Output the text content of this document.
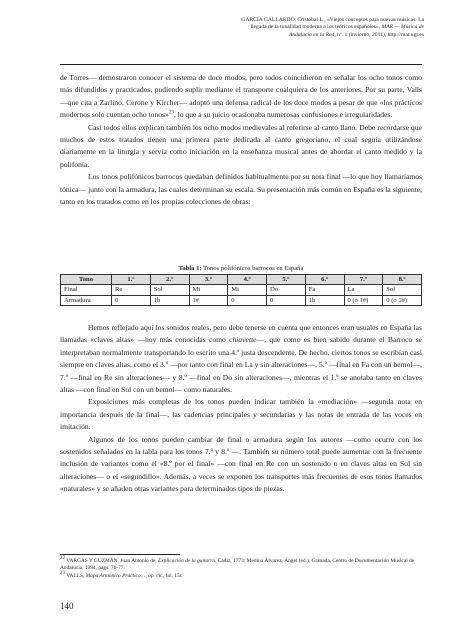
GARCÍA GALLARDO, Cristóbal L., «Viejos conceptos para nuevas músicas: La llegada de la tonalidad moderna a los teóricos españoles», MAR — Música de Andalucía en la Red, nº. 1 (invierno, 2011), http://mar.ugr.es

de Torres— demostraron conocer el sistema de doce modos, pero todos coincidieron en señalar los ocho tonos como más difundidos y practicados, pudiendo suplir mediante el transporte cualquiera de los anteriores. Por su parte, Valls —que cita a Zarlino, Cerone y Kircher— adoptó una defensa radical de los doce modos a pesar de que «los prácticos modernos solo cuentan ocho tonos»$^{23}$, lo que a su juicio ocasionaba numerosas confusiones e irregularidades.

Casi todos ellos explican también los ocho modos medievales al referirse al canto llano. Debe recordarse que muchos de estos tratados tienen una primera parte dedicada al canto gregoriano, el cual seguía utilizándose diariamente en la liturgia y servía como iniciación en la enseñanza musical antes de abordar el canto medido y la polifonía.

Los tonos polifónicos barrocos quedaban definidos habitualmente por su nota final —lo que hoy llamaríamos tónica— junto con la armadura, las cuales determinan su escala. Su presentación más común en España es la siguiente, tanto en los tratados como en los propias colecciones de obras:

Tabla 1: Tonos polifónicos barrocos en España
Tono	1.º	2.º	3.º	4.º	5.º	6.º	7.º	8.º
Final	Re	Sol	Mi	Mi	Do	Fa	La	Sol
Armadura	0	1b	1#	0	0	1b	0 (o 1#)	0 (o 1#)

Hemos reflejado aquí los sonidos reales, pero debe tenerse en cuenta que entonces eran usuales en España las llamadas «claves altas» —hoy más conocidas como chiavette—, que como es bien sabido durante el Barroco se interpretaban normalmente transportando lo escrito una 4.ª justa descendente. De hecho, ciertos tonos se escribían casi siempre en claves altas, como el 3.º —por tanto con final en La y sin alteraciones—, 5.º —final en Fa con un bemol—, 7.º —final en Re sin alteraciones— y 8.º —final en Do sin alteraciones—, mientras el 1.º se anotaba tanto en claves altas —con final en Sol con un bemol— como naturales.

Exposiciones más completas de los tonos pueden indicar también la «mediación» —segunda nota en importancia después de la final—, las cadencias principales y secundarias y las notas de entrada de las voces en imitación.

Algunos de los tonos pueden cambiar de final o armadura según los autores —como ocurre con los sostenidos señalados en la tabla para los tonos 7.º y 8.º —. También su número total puede aumentar con la frecuente inclusión de variantes como el «8.º por el final» —con final en Re con un sostenido o en claves altas en Sol sin alteraciones— o el «segundillo». Además, a veces se exponen los transportes más frecuentes de esos tonos llamados «naturales» y se añaden otras variantes para determinados tipos de piezas.

$^{22}$ VARGAS Y GUZMÁN, Juan Antonio de, Explicación de la guitarra, Cádiz, 1773; Medina Álvarez, Ángel (ed.), Granada, Centro de Documentación Musical de Andalucía, 1994, pags. 76-77.

$^{23}$ VALLS, Mapa Armónico Práctico…, op. cit., fol. 15r.

140
